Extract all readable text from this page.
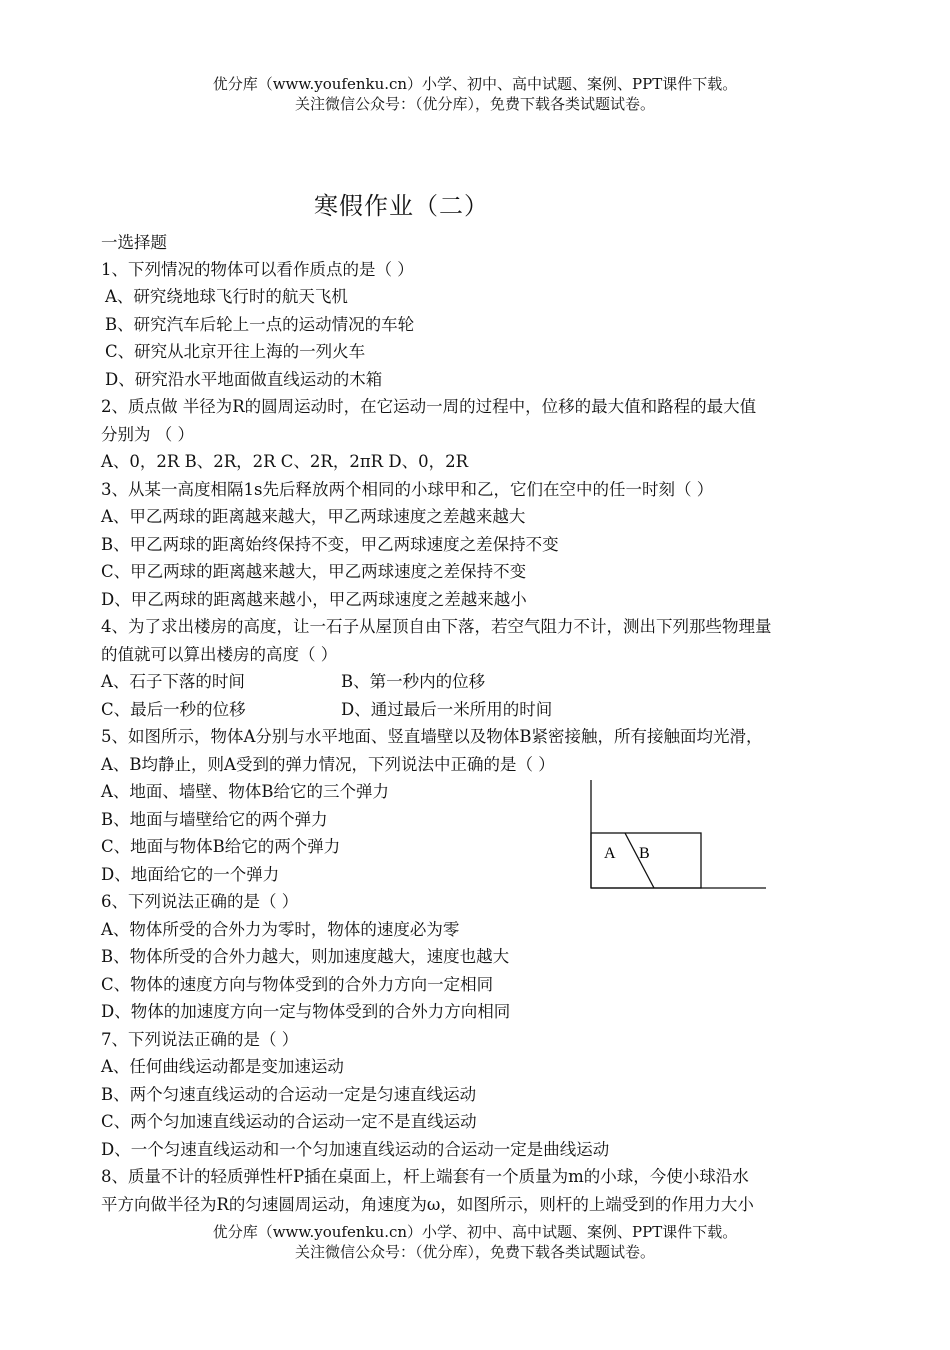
优分库（www.youfenku.cn）小学、初中、高中试题、案例、PPT课件下载。
关注微信公众号：（优分库），免费下载各类试题试卷。
寒假作业（二）
一选择题
1、下列情况的物体可以看作质点的是（ ）
A、研究绕地球飞行时的航天飞机
B、研究汽车后轮上一点的运动情况的车轮
C、研究从北京开往上海的一列火车
D、研究沿水平地面做直线运动的木箱
2、质点做 半径为R的圆周运动时，在它运动一周的过程中，位移的最大值和路程的最大值
分别为 （ ）
A、0，2R B、2R，2R C、2R，2πR D、0，2R
3、从某一高度相隔1s先后释放两个相同的小球甲和乙，它们在空中的任一时刻（ ）
A、甲乙两球的距离越来越大，甲乙两球速度之差越来越大
B、甲乙两球的距离始终保持不变，甲乙两球速度之差保持不变
C、甲乙两球的距离越来越大，甲乙两球速度之差保持不变
D、甲乙两球的距离越来越小，甲乙两球速度之差越来越小
4、为了求出楼房的高度，让一石子从屋顶自由下落，若空气阻力不计，测出下列那些物理量
的值就可以算出楼房的高度（ ）
A、石子下落的时间	B、第一秒内的位移
C、最后一秒的位移	D、通过最后一米所用的时间
5、如图所示，物体A分别与水平地面、竖直墙壁以及物体B紧密接触，所有接触面均光滑，
A、B均静止，则A受到的弹力情况，下列说法中正确的是（ ）
A、地面、墙壁、物体B给它的三个弹力
B、地面与墙壁给它的两个弹力
C、地面与物体B给它的两个弹力
D、地面给它的一个弹力
A B
6、下列说法正确的是（ ）
A、物体所受的合外力为零时，物体的速度必为零
B、物体所受的合外力越大，则加速度越大，速度也越大
C、物体的速度方向与物体受到的合外力方向一定相同
D、物体的加速度方向一定与物体受到的合外力方向相同
7、下列说法正确的是（ ）
A、任何曲线运动都是变加速运动
B、两个匀速直线运动的合运动一定是匀速直线运动
C、两个匀加速直线运动的合运动一定不是直线运动
D、一个匀速直线运动和一个匀加速直线运动的合运动一定是曲线运动
8、质量不计的轻质弹性杆P插在桌面上，杆上端套有一个质量为m的小球，今使小球沿水
平方向做半径为R的匀速圆周运动，角速度为ω，如图所示，则杆的上端受到的作用力大小
优分库（www.youfenku.cn）小学、初中、高中试题、案例、PPT课件下载。
关注微信公众号：（优分库），免费下载各类试题试卷。
